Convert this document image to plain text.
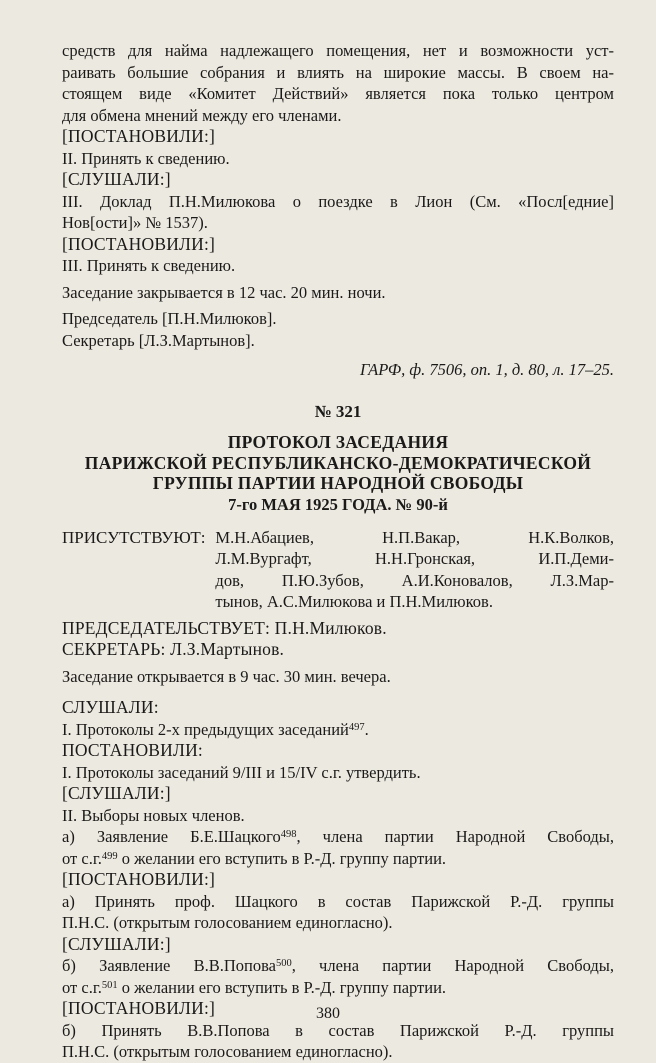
средств для найма надлежащего помещения, нет и возможности уст-

раивать большие собрания и влиять на широкие массы. В своем на-

стоящем виде «Комитет Действий» является пока только центром

для обмена мнений между его членами.

[ПОСТАНОВИЛИ:]

II. Принять к сведению.

[СЛУШАЛИ:]

III. Доклад П.Н.Милюкова о поездке в Лион (См. «Посл[едние]

Нов[ости]» № 1537).

[ПОСТАНОВИЛИ:]

III. Принять к сведению.

Заседание закрывается в 12 час. 20 мин. ночи.

Председатель [П.Н.Милюков].

Секретарь [Л.З.Мартынов].

ГАРФ, ф. 7506, оп. 1, д. 80, л. 17–25.

№ 321

ПРОТОКОЛ ЗАСЕДАНИЯ
ПАРИЖСКОЙ РЕСПУБЛИКАНСКО-ДЕМОКРАТИЧЕСКОЙ
ГРУППЫ ПАРТИИ НАРОДНОЙ СВОБОДЫ
7-го МАЯ 1925 ГОДА. № 90-й
ПРИСУТСТВУЮТ: М.Н.Абациев, Н.П.Вакар, Н.К.Волков,

Л.М.Вургафт, Н.Н.Гронская, И.П.Деми-

дов, П.Ю.Зубов, А.И.Коновалов, Л.З.Мар-

тынов, А.С.Милюкова и П.Н.Милюков.

ПРЕДСЕДАТЕЛЬСТВУЕТ: П.Н.Милюков.

СЕКРЕТАРЬ: Л.З.Мартынов.

Заседание открывается в 9 час. 30 мин. вечера.

СЛУШАЛИ:

I. Протоколы 2-х предыдущих заседаний$^{497}$.

ПОСТАНОВИЛИ:

I. Протоколы заседаний 9/III и 15/IV с.г. утвердить.

[СЛУШАЛИ:]

II. Выборы новых членов.

а) Заявление Б.Е.Шацкого$^{498}$, члена партии Народной Свободы,

от с.г.$^{499}$ о желании его вступить в Р.-Д. группу партии.

[ПОСТАНОВИЛИ:]

а) Принять проф. Шацкого в состав Парижской Р.-Д. группы

П.Н.С. (открытым голосованием единогласно).

[СЛУШАЛИ:]

б) Заявление В.В.Попова$^{500}$, члена партии Народной Свободы,

от с.г.$^{501}$ о желании его вступить в Р.-Д. группу партии.

[ПОСТАНОВИЛИ:]

б) Принять В.В.Попова в состав Парижской Р.-Д. группы

П.Н.С. (открытым голосованием единогласно).

380
